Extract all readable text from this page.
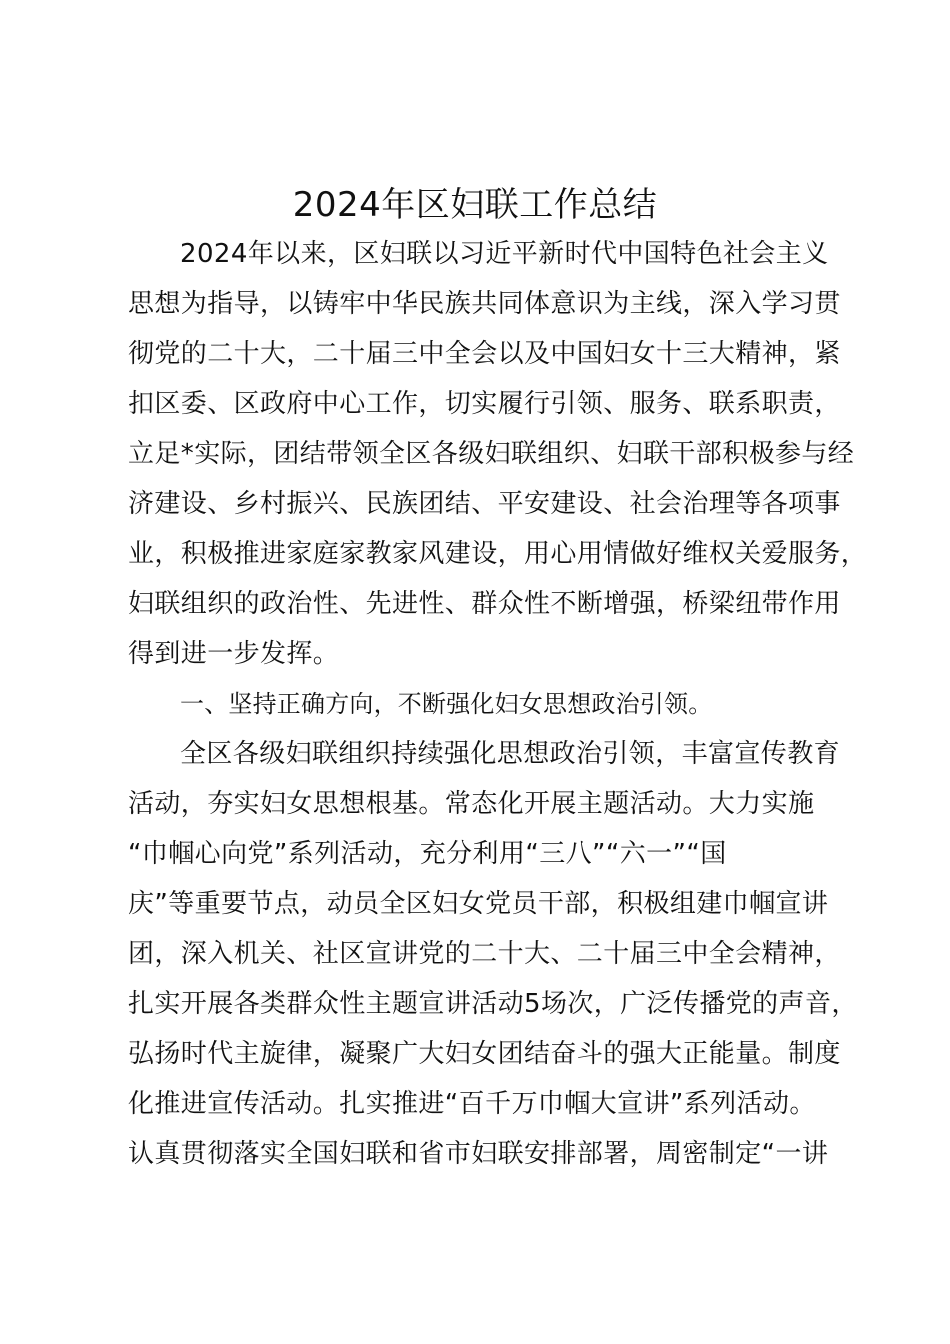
2024年区妇联工作总结

2024年以来，区妇联以习近平新时代中国特色社会主义

思想为指导，以铸牢中华民族共同体意识为主线，深入学习贯

彻党的二十大，二十届三中全会以及中国妇女十三大精神，紧

扣区委、区政府中心工作，切实履行引领、服务、联系职责，

立足*实际，团结带领全区各级妇联组织、妇联干部积极参与经

济建设、乡村振兴、民族团结、平安建设、社会治理等各项事

业，积极推进家庭家教家风建设，用心用情做好维权关爱服务，

妇联组织的政治性、先进性、群众性不断增强，桥梁纽带作用

得到进一步发挥。

一、坚持正确方向，不断强化妇女思想政治引领。

全区各级妇联组织持续强化思想政治引领，丰富宣传教育

活动，夯实妇女思想根基。常态化开展主题活动。大力实施

“巾帼心向党”系列活动，充分利用“三八”“六一”“国

庆”等重要节点，动员全区妇女党员干部，积极组建巾帼宣讲

团，深入机关、社区宣讲党的二十大、二十届三中全会精神，

扎实开展各类群众性主题宣讲活动5场次，广泛传播党的声音，

弘扬时代主旋律，凝聚广大妇女团结奋斗的强大正能量。制度

化推进宣传活动。扎实推进“百千万巾帼大宣讲”系列活动。

认真贯彻落实全国妇联和省市妇联安排部署，周密制定“一讲
